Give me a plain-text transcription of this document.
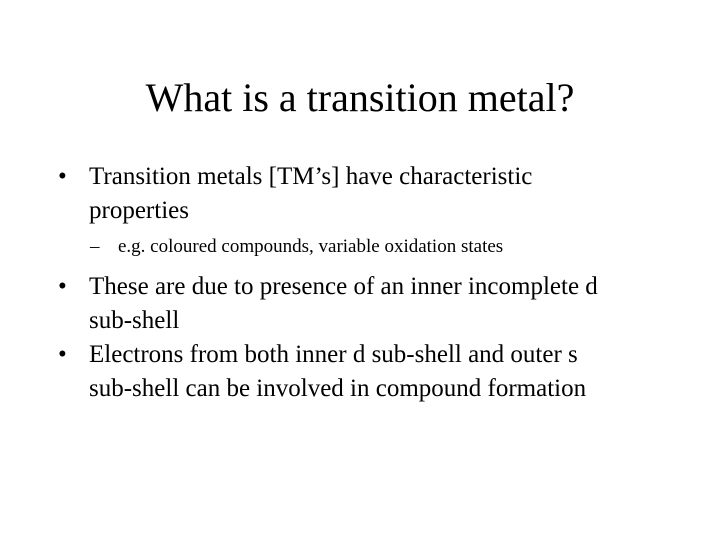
What is a transition metal?
• Transition metals [TM’s] have characteristic
properties
– e.g. coloured compounds, variable oxidation states
• These are due to presence of an inner incomplete d
sub-shell
• Electrons from both inner d sub-shell and outer s
sub-shell can be involved in compound formation
